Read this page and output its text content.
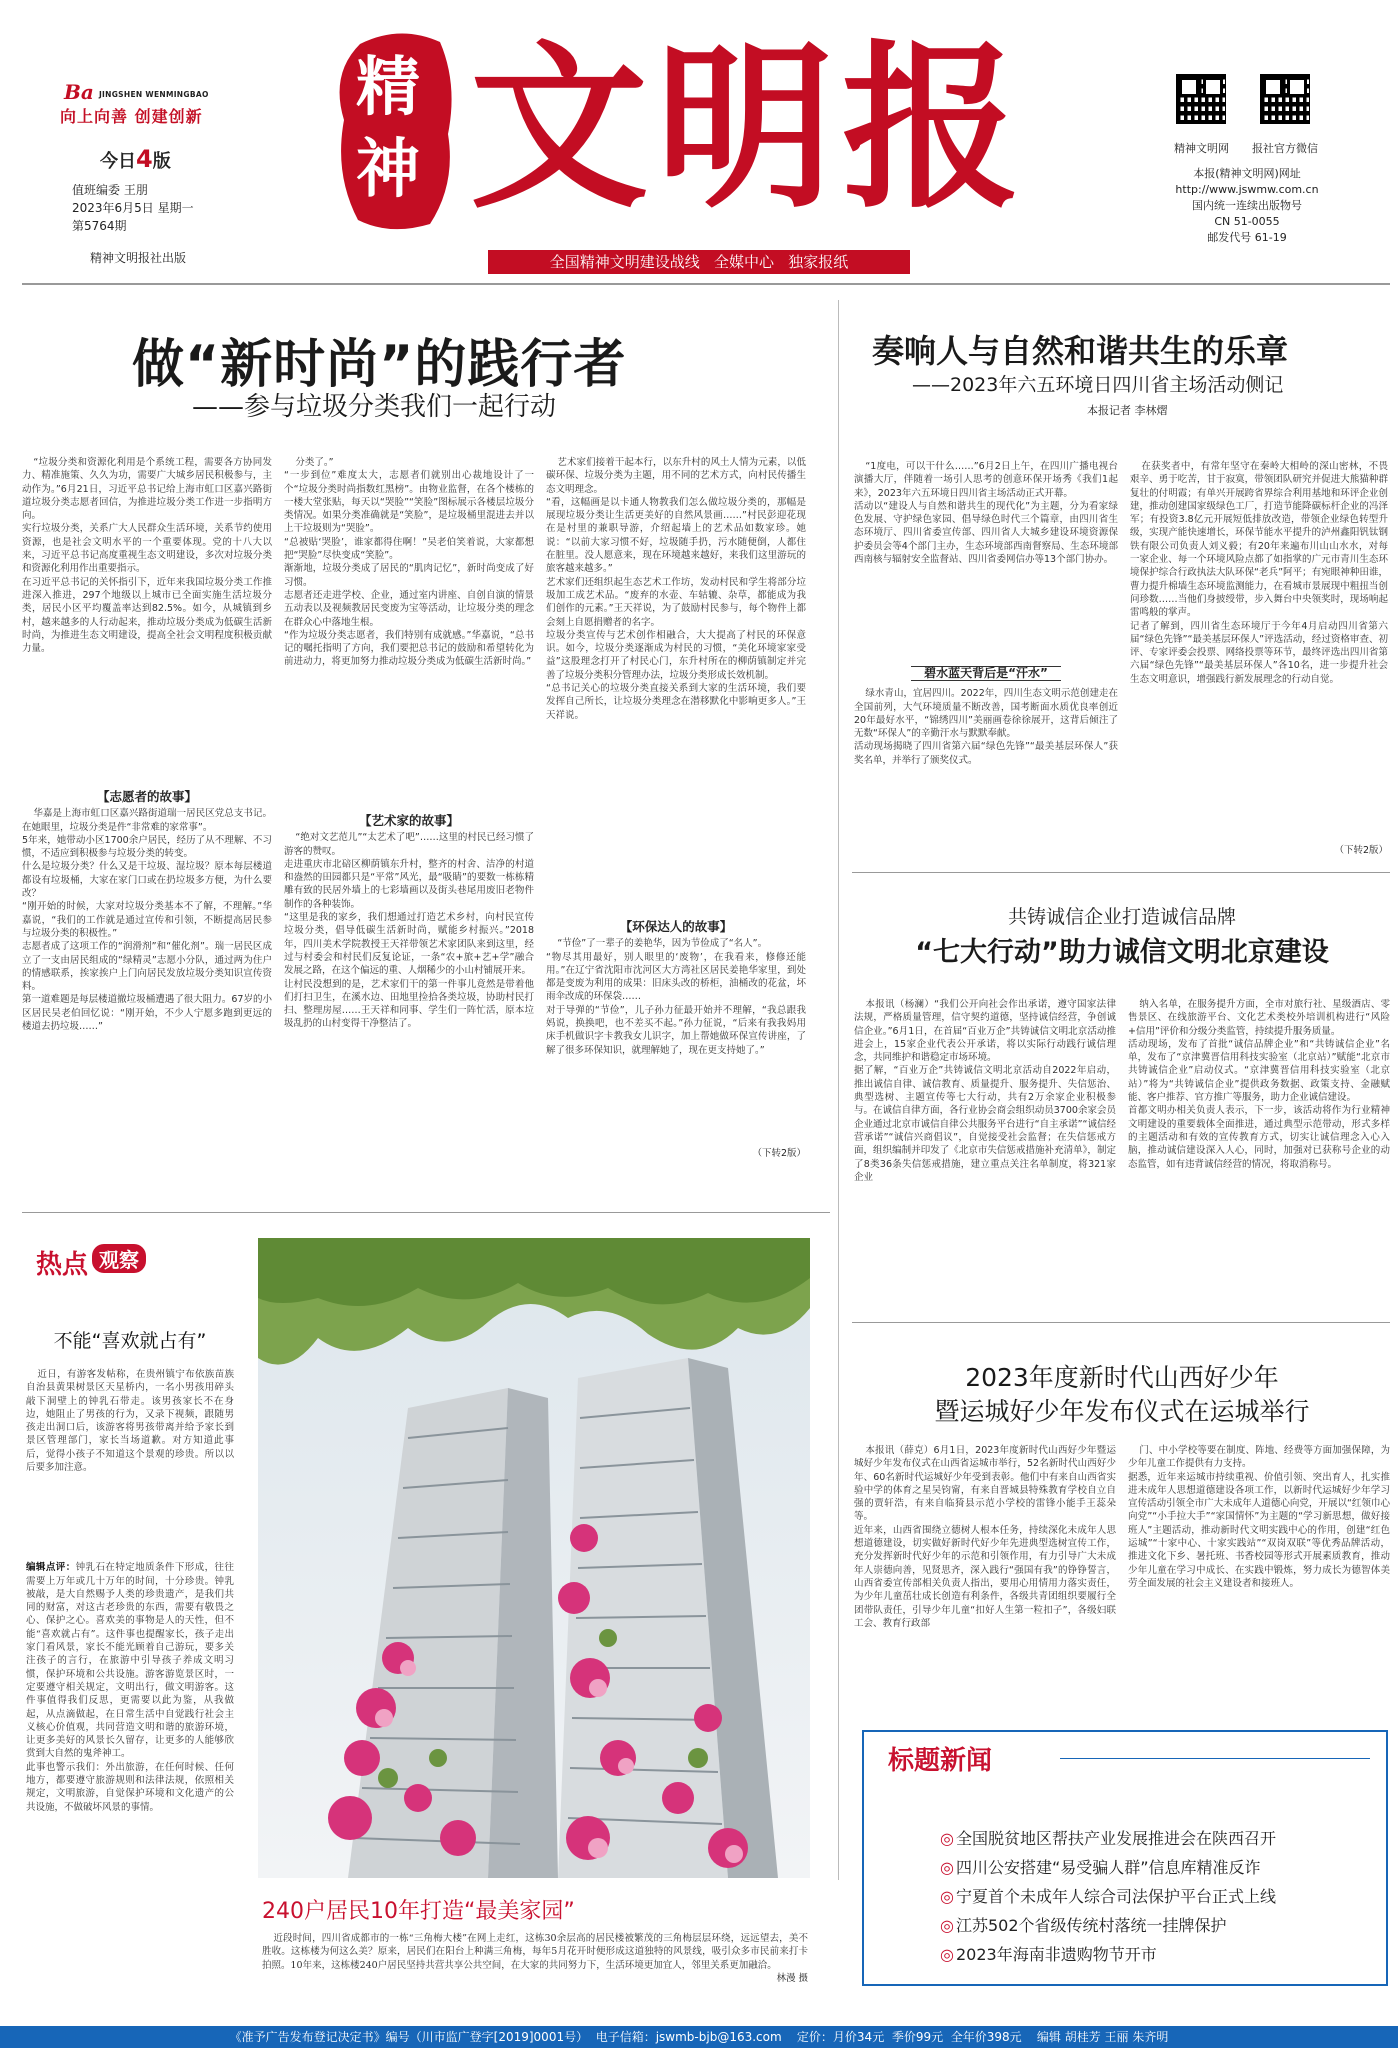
Ba JINGSHEN WENMINGBAO
向上向善 创建创新
今日4版
值班编委 王朋
2023年6月5日 星期一
第5764期
精神文明报社出版
精
神 文明报
全国精神文明建设战线   全媒中心   独家报纸
精神文明网 报社官方微信
本报(精神文明网)网址
http://www.jswmw.com.cn
国内统一连续出版物号
CN 51-0055
邮发代号 61-19
做“新时尚”的践行者
——参与垃圾分类我们一起行动
“垃圾分类和资源化利用是个系统工程，需要各方协同发力、精准施策、久久为功，需要广大城乡居民积极参与，主动作为。”6月21日，习近平总书记给上海市虹口区嘉兴路街道垃圾分类志愿者回信，为推进垃圾分类工作进一步指明方向。
实行垃圾分类，关系广大人民群众生活环境，关系节约使用资源，也是社会文明水平的一个重要体现。党的十八大以来，习近平总书记高度重视生态文明建设，多次对垃圾分类和资源化利用作出重要指示。
在习近平总书记的关怀指引下，近年来我国垃圾分类工作推进深入推进，297个地级以上城市已全面实施生活垃圾分类，居民小区平均覆盖率达到82.5%。如今，从城镇到乡村，越来越多的人行动起来，推动垃圾分类成为低碳生活新时尚，为推进生态文明建设，提高全社会文明程度积极贡献力量。
【志愿者的故事】
华嘉是上海市虹口区嘉兴路街道瑞一居民区党总支书记。在她眼里，垃圾分类是件“非常难的家常事”。
5年来，她带动小区1700余户居民，经历了从不理解、不习惯，不适应到积极参与垃圾分类的转变。
什么是垃圾分类？什么又是干垃圾、湿垃圾？原本每层楼道都设有垃圾桶，大家在家门口或在扔垃圾多方便，为什么要改？
“刚开始的时候，大家对垃圾分类基本不了解，不理解。”华嘉说，“我们的工作就是通过宣传和引领，不断提高居民参与垃圾分类的积极性。”
志愿者成了这项工作的“润滑剂”和“催化剂”。瑞一居民区成立了一支由居民组成的“绿精灵”志愿小分队，通过两为住户的情感联系，挨家挨户上门向居民发放垃圾分类知识宣传资料。
第一道难题是每层楼道撤垃圾桶遭遇了很大阻力。67岁的小区居民吴老伯回忆说：“刚开始，不少人宁愿多跑到更远的楼道去扔垃圾……”
分类了。”
“一步到位”难度太大，志愿者们就别出心裁地设计了一个“垃圾分类时尚指数红黑榜”。由物业监督，在各个楼栋的一楼大堂张贴，每天以“哭脸”“笑脸”图标展示各楼层垃圾分类情况。如果分类准确就是“笑脸”，是垃圾桶里混进去并以上干垃圾则为“哭脸”。
“总被贴‘哭脸’，谁家都得住啊！”吴老伯笑着说，大家都想把“哭脸”尽快变成“笑脸”。
渐渐地，垃圾分类成了居民的“肌肉记忆”，新时尚变成了好习惯。
志愿者还走进学校、企业，通过室内讲座、自创自演的情景五动表以及视频教居民变废为宝等活动，让垃圾分类的理念在群众心中落地生根。
“作为垃圾分类志愿者，我们特别有成就感。”华嘉说，“总书记的嘱托指明了方向，我们要把总书记的鼓励和希望转化为前进动力，将更加努力推动垃圾分类成为低碳生活新时尚。”
【艺术家的故事】
“绝对文艺范儿”“太艺术了吧”……这里的村民已经习惯了游客的赞叹。
走进重庆市北碚区柳荫镇东升村，整齐的村舍、洁净的村道和盎然的田园都只是“平常”风光，最“吸睛”的要数一栋栋精雕有致的民居外墙上的七彩墙画以及街头巷尾用废旧老物件制作的各种装饰。
“这里是我的家乡，我们想通过打造艺术乡村，向村民宣传垃圾分类，倡导低碳生活新时尚，赋能乡村振兴。”2018年，四川美术学院教授王天祥带领艺术家团队来到这里，经过与村委会和村民们反复论证，一条“农+旅+艺+学”融合发展之路，在这个偏远的重、人烟稀少的小山村铺展开来。
让村民没想到的是，艺术家们干的第一件事儿竟然是带着他们打扫卫生，在溪水边、田地里捡拾各类垃圾，协助村民打扫、整理房屋……王天祥和同事、学生们一阵忙活，原本垃圾乱扔的山村变得干净整洁了。
艺术家们接着干起本行，以东升村的风土人情为元素，以低碳环保、垃圾分类为主题，用不同的艺术方式，向村民传播生态文明理念。
“看，这幅画是以卡通人物教我们怎么做垃圾分类的，那幅是展现垃圾分类让生活更美好的自然风景画……”村民彭迎花现在是村里的兼职导游，介绍起墙上的艺术品如数家珍。她说：“以前大家习惯不好，垃圾随手扔，污水随便倒，人都住在脏里。没人愿意来，现在环境越来越好，来我们这里游玩的旅客越来越多。”
艺术家们还组织起生态艺术工作坊，发动村民和学生将部分垃圾加工成艺术品。“废弃的水壶、车轱辘、杂草，都能成为我们创作的元素。”王天祥说，为了鼓励村民参与，每个物件上都会刻上自愿捐赠者的名字。
垃圾分类宣传与艺术创作相融合，大大提高了村民的环保意识。如今，垃圾分类逐渐成为村民的习惯，“美化环境家家受益”这股理念打开了村民心门，东升村所在的柳荫镇制定并完善了垃圾分类积分管理办法，垃圾分类形成长效机制。
“总书记关心的垃圾分类直接关系到大家的生活环境，我们要发挥自己所长，让垃圾分类理念在潜移默化中影响更多人。”王天祥说。
【环保达人的故事】
“节俭”了一辈子的姜艳华，因为节俭成了“名人”。
“物尽其用最好，别人眼里的‘废物’，在我看来，修修还能用。”在辽宁省沈阳市沈河区大方湾社区居民姜艳华家里，到处都是变废为利用的成果：旧床头改的桥柜，油桶改的花盆，坏雨伞改成的环保袋……
对于导弹的“节俭”，儿子孙力征最开始并不理解，“我总跟我妈说，换换吧，也不差买不起。”孙力征说，“后来有我我妈用床手机做识字卡教我女儿识字，加上帮她做环保宣传讲座，了解了很多环保知识，就理解她了，现在更支持她了。”
（下转2版）
奏响人与自然和谐共生的乐章
——2023年六五环境日四川省主场活动侧记
本报记者 李林熠
“1度电，可以干什么……”6月2日上午，在四川广播电视台演播大厅，伴随着一场引人思考的创意环保开场秀《我们1起来》，2023年六五环境日四川省主场活动正式开幕。
活动以“建设人与自然和谐共生的现代化”为主题，分为看家绿色发展、守护绿色家园、倡导绿色时代三个篇章，由四川省生态环境厅、四川省委宣传部、四川省人大城乡建设环境资源保护委员会等4个部门主办，生态环境部西南督察局、生态环境部西南核与辐射安全监督站、四川省委网信办等13个部门协办。
碧水蓝天背后是“汗水”
绿水青山，宜居四川。2022年，四川生态文明示范创建走在全国前列，大气环境质量不断改善，国考断面水质优良率创近20年最好水平，“锦绣四川”美丽画卷徐徐展开，这背后倾注了无数“环保人”的辛勤汗水与默默奉献。
活动现场揭晓了四川省第六届“绿色先锋”“最美基层环保人”获奖名单，并举行了颁奖仪式。
在获奖者中，有常年坚守在秦岭大相岭的深山密林，不畏艰辛、勇于吃苦，甘于寂寞，带领团队研究并促进大熊猫种群复壮的付明霞；有单兴开展跨省界综合利用基地和环评企业创建，推动创建国家级绿色工厂，打造节能降碳标杆企业的冯泽军；有投资3.8亿元开展短低排放改造，带领企业绿色转型升级，实现产能快速增长，环保节能水平提升的泸州鑫阳钒钛钢铁有限公司负责人刘义毅；有20年来遍布川山山水水，对每一家企业、每一个环境风险点都了如指掌的广元市青川生态环境保护综合行政执法大队环保“老兵”阿平；有宛眼神种田谁，曹力提升棉墙生态环境监测能力，在看城市景展现中粗扭当创问珍数……当他们身披绶带，步入舞台中央领奖时，现场响起雷鸣般的掌声。
记者了解到，四川省生态环境厅于今年4月启动四川省第六届“绿色先锋”“最美基层环保人”评选活动，经过资格审查、初评、专家评委会投票、网络投票等环节，最终评选出四川省第六届“绿色先锋”“最美基层环保人”各10名，进一步提升社会生态文明意识，增强践行新发展理念的行动自觉。
（下转2版）
共铸诚信企业打造诚信品牌
“七大行动”助力诚信文明北京建设
本报讯（杨澜）“我们公开向社会作出承诺，遵守国家法律法规，严格质量管理，信守契约道德，坚持诚信经营，争创诚信企业。”6月1日，在首届“百业万企”共铸诚信文明北京活动推进会上，15家企业代表公开承诺，将以实际行动践行诚信理念，共同维护和谐稳定市场环境。
据了解，“百业万企”共铸诚信文明北京活动自2022年启动，推出诚信自律、诚信教育、质量提升、服务提升、失信惩治、典型选树、主题宣传等七大行动，共有2万余家企业积极参与。在诚信自律方面，各行业协会商会组织动员3700余家会员企业通过北京市诚信自律公共服务平台进行“自主承诺”“诚信经营承诺”“诚信兴商倡议”，自觉接受社会监督；在失信惩戒方面，组织编制并印发了《北京市失信惩戒措施补充清单》，制定了8类36条失信惩戒措施，建立重点关注名单制度，将321家企业
纳入名单，在服务提升方面，全市对旅行社、星级酒店、零售景区、在线旅游平台、文化艺术类校外培训机构进行“风险+信用”评价和分级分类监管，持续提升服务质量。
活动现场，发布了首批“诚信品牌企业”和“共铸诚信企业”名单，发布了“京津冀晋信用科技实验室（北京站）”赋能“北京市共铸诚信企业”启动仪式。“京津冀晋信用科技实验室（北京站）”将为“共铸诚信企业”提供政务数据、政策支持、金融赋能、客户推荐、官方推广等服务，助力企业诚信建设。
首都文明办相关负责人表示，下一步，该活动将作为行业精神文明建设的重要载体全面推进，通过典型示范带动，形式多样的主题活动和有效的宣传教育方式，切实让诚信理念入心入脑，推动诚信建设深入人心，同时，加强对已获称号企业的动态监管，如有违背诚信经营的情况，将取消称号。
2023年度新时代山西好少年
暨运城好少年发布仪式在运城举行
本报讯（薛克）6月1日，2023年度新时代山西好少年暨运城好少年发布仪式在山西省运城市举行，52名新时代山西好少年、60名新时代运城好少年受到表彰。他们中有来自山西省实验中学的体育之星吴钧甯，有来自晋城县特殊教育学校自立自强的贾轩浩，有来自临猗县示范小学校的雷锋小能手王蕊朵等。
近年来，山西省围绕立德树人根本任务，持续深化未成年人思想道德建设，切实做好新时代好少年先进典型选树宣传工作，充分发挥新时代好少年的示范和引领作用，有力引导广大未成年人崇德向善，见贤思齐，深入践行“强国有我”的铮铮誓言，山西省委宣传部相关负责人指出，要用心用情用力落实责任，为少年儿童茁壮成长创造有利条件，各级共青团组织要履行全团带队责任，引导少年儿童“扣好人生第一粒扣子”，各级妇联工会、教育行政部
门、中小学校等要在制度、阵地、经费等方面加强保障，为少年儿童工作提供有力支持。
据悉，近年来运城市持续重视、价值引领、突出育人，扎实推进未成年人思想道德建设各项工作，以新时代运城好少年学习宣传活动引领全市广大未成年人道德心向党，开展以“红领巾心向党”“小手拉大手”“家国情怀”为主题的“学习新思想，做好接班人”主题活动，推动新时代文明实践中心的作用，创建“红色运城”“十家中心、十家实践站”“双岗双联”等优秀品牌活动，推进文化下乡、暑托班、书香校园等形式开展素质教育，推动少年儿童在学习中成长、在实践中锻炼，努力成长为德智体美劳全面发展的社会主义建设者和接班人。
标题新闻
◎ 全国脱贫地区帮扶产业发展推进会在陕西召开
◎ 四川公安搭建“易受骗人群”信息库精准反诈
◎ 宁夏首个未成年人综合司法保护平台正式上线
◎ 江苏502个省级传统村落统一挂牌保护
◎ 2023年海南非遗购物节开市
热点 观察
不能“喜欢就占有”
近日，有游客发帖称，在贵州镇宁布依族苗族自治县黄果树景区天星桥内，一名小男孩用碎头敲下洞壁上的钟乳石带走。该男孩家长不在身边，她阻止了男孩的行为，又录下视频，跟随男孩走出洞口后，该游客将男孩带离并给予家长到景区管理部门，家长当场道歉。对方知道此事后，觉得小孩子不知道这个景观的珍贵。所以以后要多加注意。

编辑点评：钟乳石在特定地质条件下形成，往往需要上万年或几十万年的时间，十分珍贵。钟乳被敲，是大自然赐予人类的珍贵遗产，是我们共同的财富，对这古老珍贵的东西，需要有敬畏之心、保护之心。喜欢美的事物是人的天性，但不能“喜欢就占有”。这件事也提醒家长，孩子走出家门看风景，家长不能光顾着自己游玩，要多关注孩子的言行，在旅游中引导孩子养成文明习惯，保护环境和公共设施。游客游览景区时，一定要遵守相关规定，文明出行，做文明游客。这件事值得我们反思，更需要以此为鉴，从我做起，从点滴做起，在日常生活中自觉践行社会主义核心价值观，共同营造文明和谐的旅游环境，让更多美好的风景长久留存，让更多的人能够欣赏到大自然的鬼斧神工。
此事也警示我们：外出旅游，在任何时候、任何地方，都要遵守旅游规则和法律法规，依照相关规定，文明旅游，自觉保护环境和文化遗产的公共设施，不做破坏风景的事情。

240户居民10年打造“最美家园”
近段时间，四川省成都市的一栋“三角梅大楼”在网上走红，这栋30余层高的居民楼被繁茂的三角梅层层环绕，远远望去，美不胜收。这栋楼为何这么美？原来，居民们在阳台上种满三角梅，每年5月花开时便形成这道独特的风景线，吸引众多市民前来打卡拍照。10年来，这栋楼240户居民坚持共营共享公共空间，在大家的共同努力下，生活环境更加宜人，邻里关系更加融洽。
林漫 摄
《准予广告发布登记决定书》编号（川市监广登字[2019]0001号）  电子信箱：jswmb-bjb@163.com    定价：月价34元  季价99元  全年价398元    编辑 胡桂芳 王丽 朱齐明
